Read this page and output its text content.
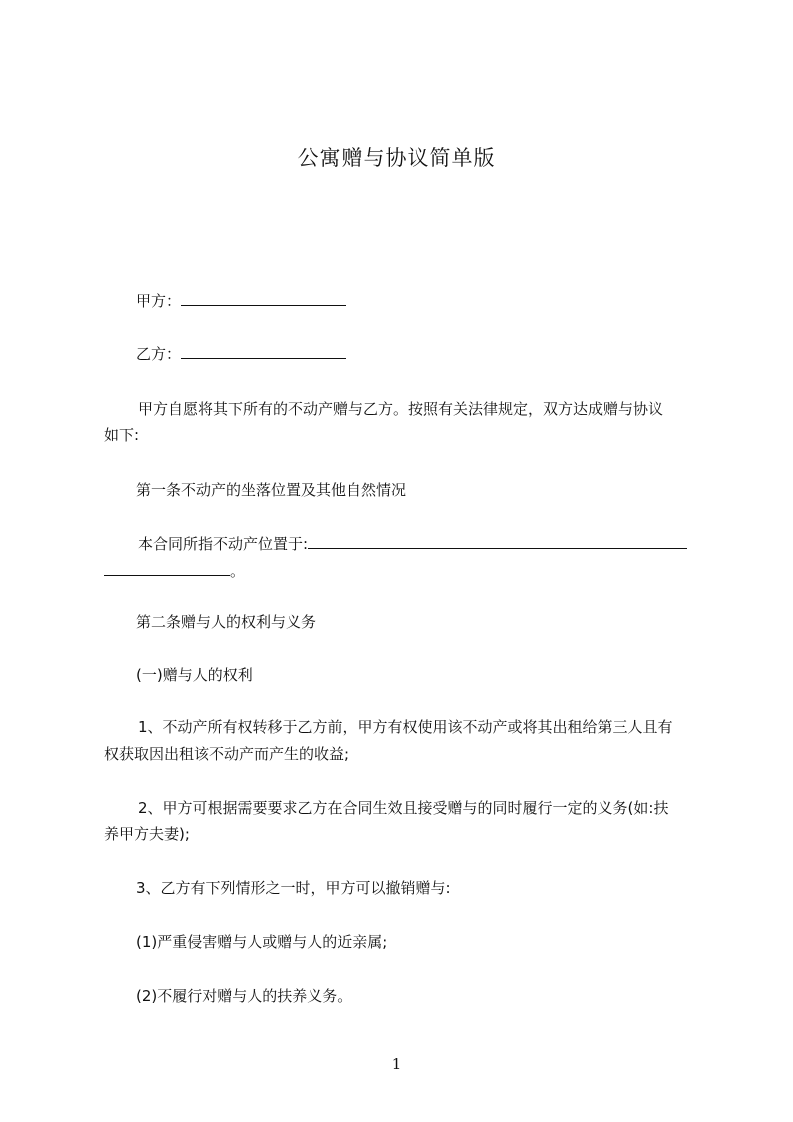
公寓赠与协议简单版
甲方：
乙方：
甲方自愿将其下所有的不动产赠与乙方。按照有关法律规定，双方达成赠与协议
如下:
第一条不动产的坐落位置及其他自然情况
本合同所指不动产位置于:
。
第二条赠与人的权利与义务
(一)赠与人的权利
1、不动产所有权转移于乙方前，甲方有权使用该不动产或将其出租给第三人且有
权获取因出租该不动产而产生的收益;
2、甲方可根据需要要求乙方在合同生效且接受赠与的同时履行一定的义务(如:扶
养甲方夫妻);
3、乙方有下列情形之一时，甲方可以撤销赠与:
(1)严重侵害赠与人或赠与人的近亲属;
(2)不履行对赠与人的扶养义务。
1
